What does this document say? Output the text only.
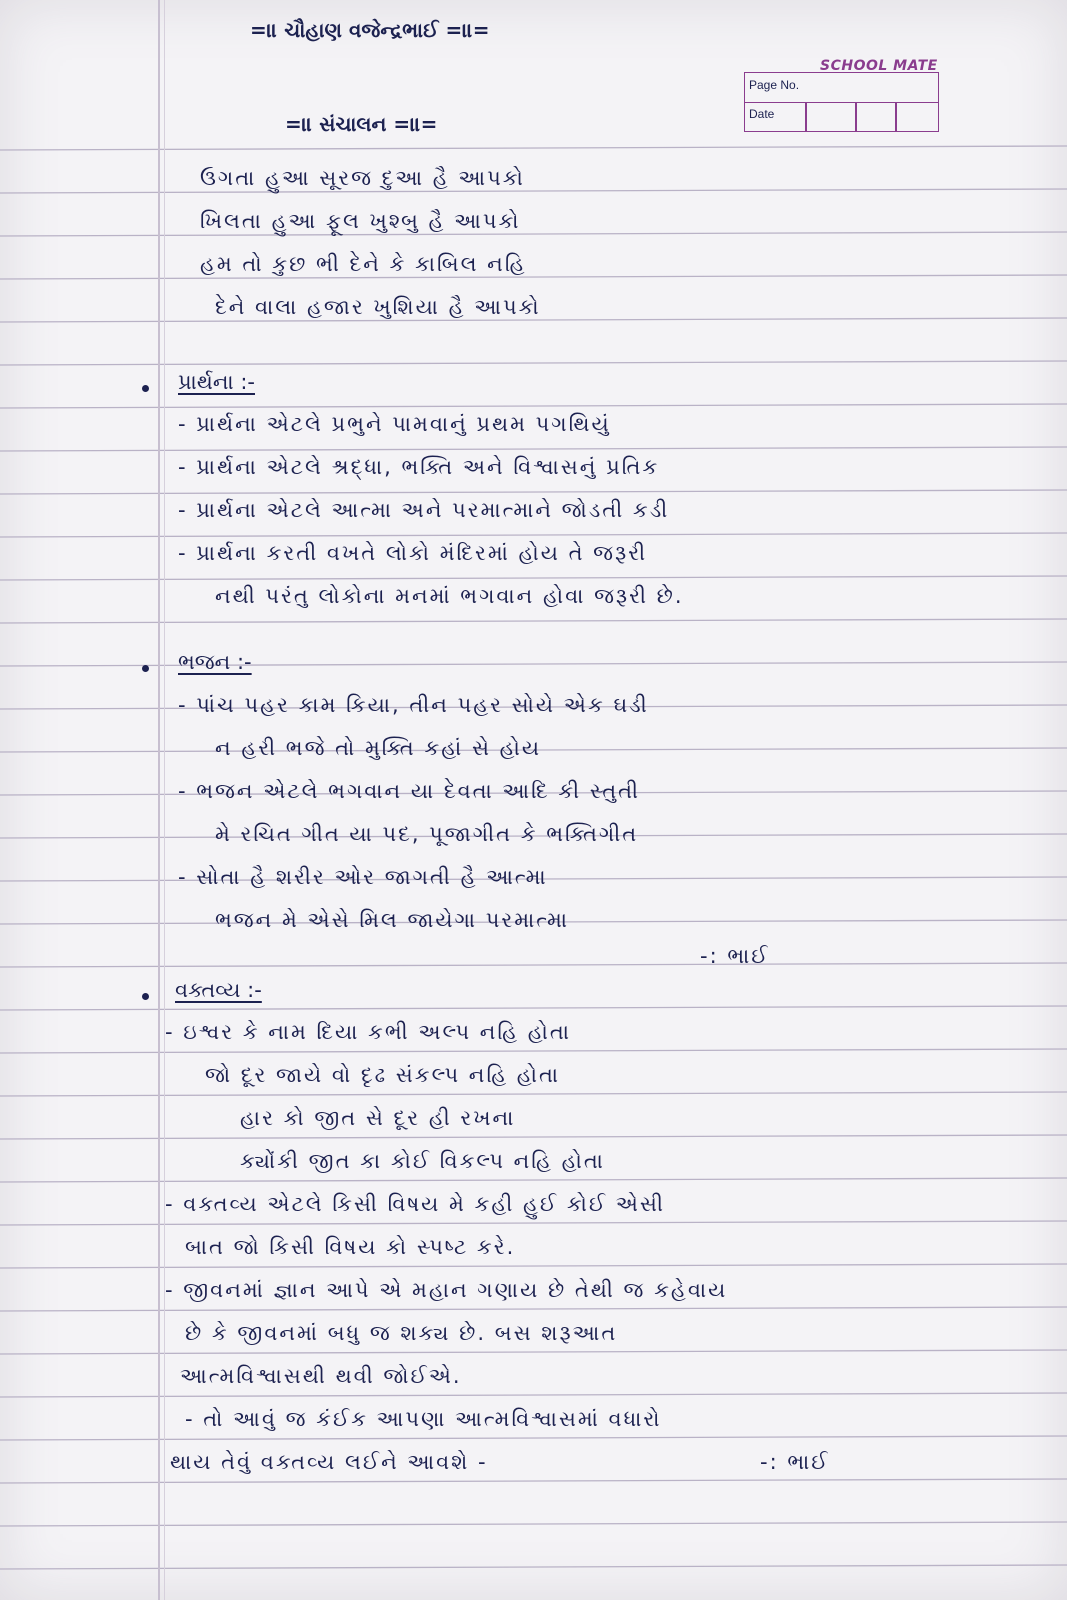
=॥ ચૌહાણ વજેન્દ્રભાઈ =॥=
SCHOOL MATE
Page No.
Date
=॥ સંચાલન =॥=
ઉગતા હુઆ સૂરજ દુઆ હૈ આપકો
ખિલતા હુઆ ફૂલ ખુશ્બુ હૈ આપકો
હમ તો કુછ ભી દેને કે કાબિલ નહિ
દેને વાલા હજાર ખુશિયા હૈ આપકો
પ્રાર્થના :-
- પ્રાર્થના એટલે પ્રભુને પામવાનું પ્રથમ પગથિયું
- પ્રાર્થના એટલે શ્રદ્ધા, ભક્તિ અને વિશ્વાસનું પ્રતિક
- પ્રાર્થના એટલે આત્મા અને પરમાત્માને જોડતી કડી
- પ્રાર્થના કરતી વખતે લોકો મંદિરમાં હોય તે જરૂરી
નથી પરંતુ લોકોના મનમાં ભગવાન હોવા જરૂરી છે.
ભજન :-
- પાંચ પહર કામ કિયા, તીન પહર સોયે એક ઘડી
ન હરી ભજે તો મુક્તિ કહાં સે હોય
- ભજન એટલે ભગવાન યા દેવતા આદિ કી સ્તુતી
મે રચિત ગીત યા પદ, પૂજાગીત કે ભક્તિગીત
- સોતા હૈ શરીર ઓર જાગતી હૈ આત્મા
ભજન મે એસે મિલ જાયેગા પરમાત્મા
-: ભાઈ
વક્તવ્ય :-
- ઇશ્વર કે નામ દિયા કભી અલ્પ નહિ હોતા
જો દૂર જાયે વો દૃઢ સંકલ્પ નહિ હોતા
હાર કો જીત સે દૂર હી રખના
ક્યોંકી જીત કા કોઈ વિકલ્પ નહિ હોતા
- વક્તવ્ય એટલે કિસી વિષય મે કહી હુઈ કોઈ એસી
બાત જો કિસી વિષય કો સ્પષ્ટ કરે.
- જીવનમાં જ્ઞાન આપે એ મહાન ગણાય છે તેથી જ કહેવાય
છે કે જીવનમાં બધુ જ શક્ય છે. બસ શરૂઆત
આત્મવિશ્વાસથી થવી જોઈએ.
- તો આવું જ કંઈક આપણા આત્મવિશ્વાસમાં વધારો
થાય તેવું વક્તવ્ય લઈને આવશે -	-: ભાઈ
